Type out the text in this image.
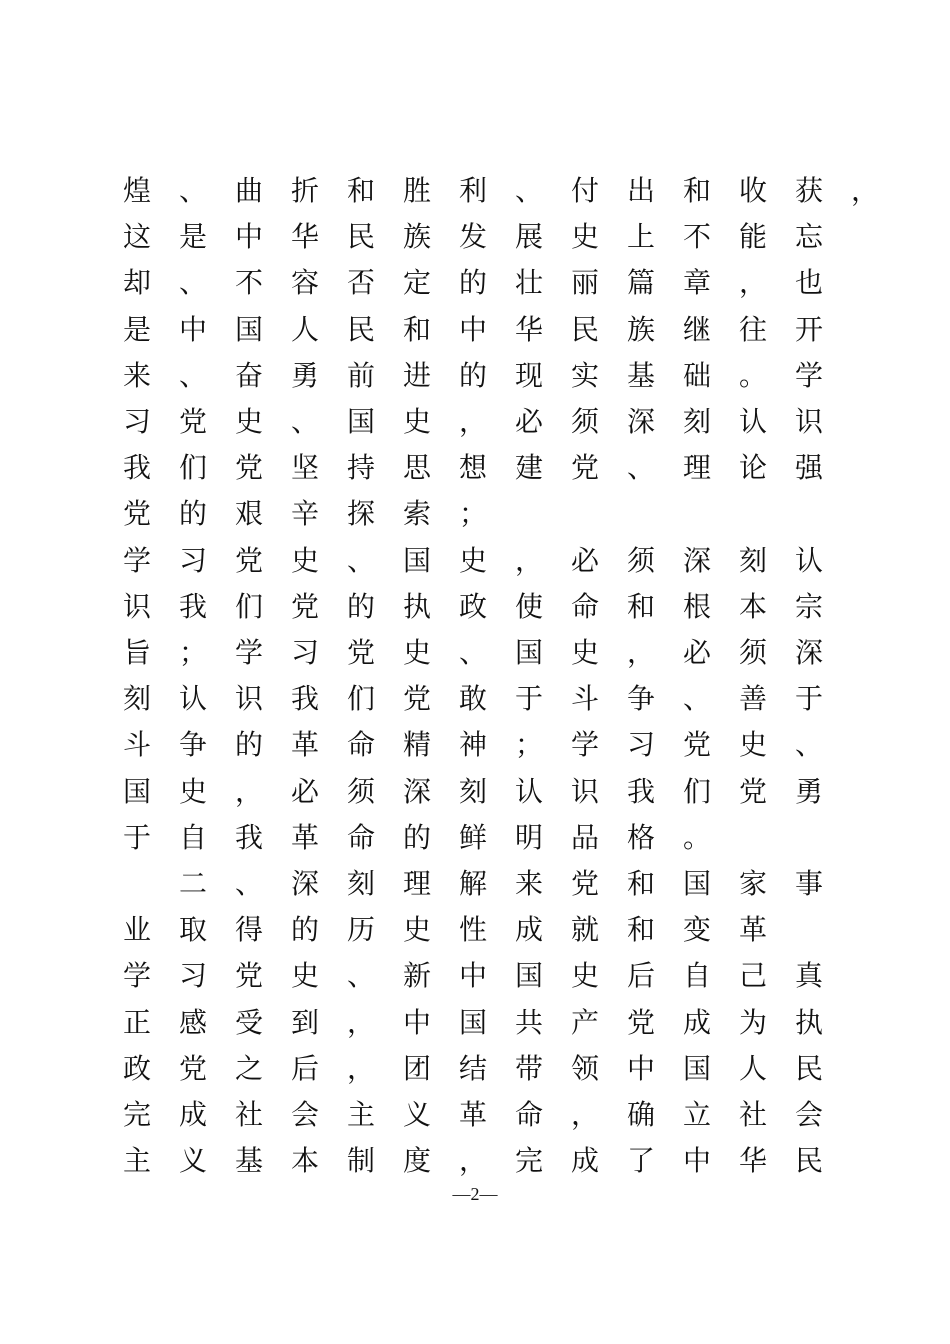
煌 、 曲 折 和 胜 利 、 付 出 和 收 获 ，
这 是 中 华 民 族 发 展 史 上 不 能 忘
却 、 不 容 否 定 的 壮 丽 篇 章 ， 也
是 中 国 人 民 和 中 华 民 族 继 往 开
来 、 奋 勇 前 进 的 现 实 基 础 。 学
习 党 史 、 国 史 ， 必 须 深 刻 认 识
我 们 党 坚 持 思 想 建 党 、 理 论 强
党 的 艰 辛 探 索 ；
学 习 党 史 、 国 史 ， 必 须 深 刻 认
识 我 们 党 的 执 政 使 命 和 根 本 宗
旨 ； 学 习 党 史 、 国 史 ， 必 须 深
刻 认 识 我 们 党 敢 于 斗 争 、 善 于
斗 争 的 革 命 精 神 ； 学 习 党 史 、
国 史 ， 必 须 深 刻 认 识 我 们 党 勇
于 自 我 革 命 的 鲜 明 品 格 。

二 、 深 刻 理 解 来 党 和 国 家 事
业 取 得 的 历 史 性 成 就 和 变 革
学 习 党 史 、 新 中 国 史 后 自 己 真
正 感 受 到 ， 中 国 共 产 党 成 为 执
政 党 之 后 ， 团 结 带 领 中 国 人 民
完 成 社 会 主 义 革 命 ， 确 立 社 会
主 义 基 本 制 度 ， 完 成 了 中 华 民
—2—
